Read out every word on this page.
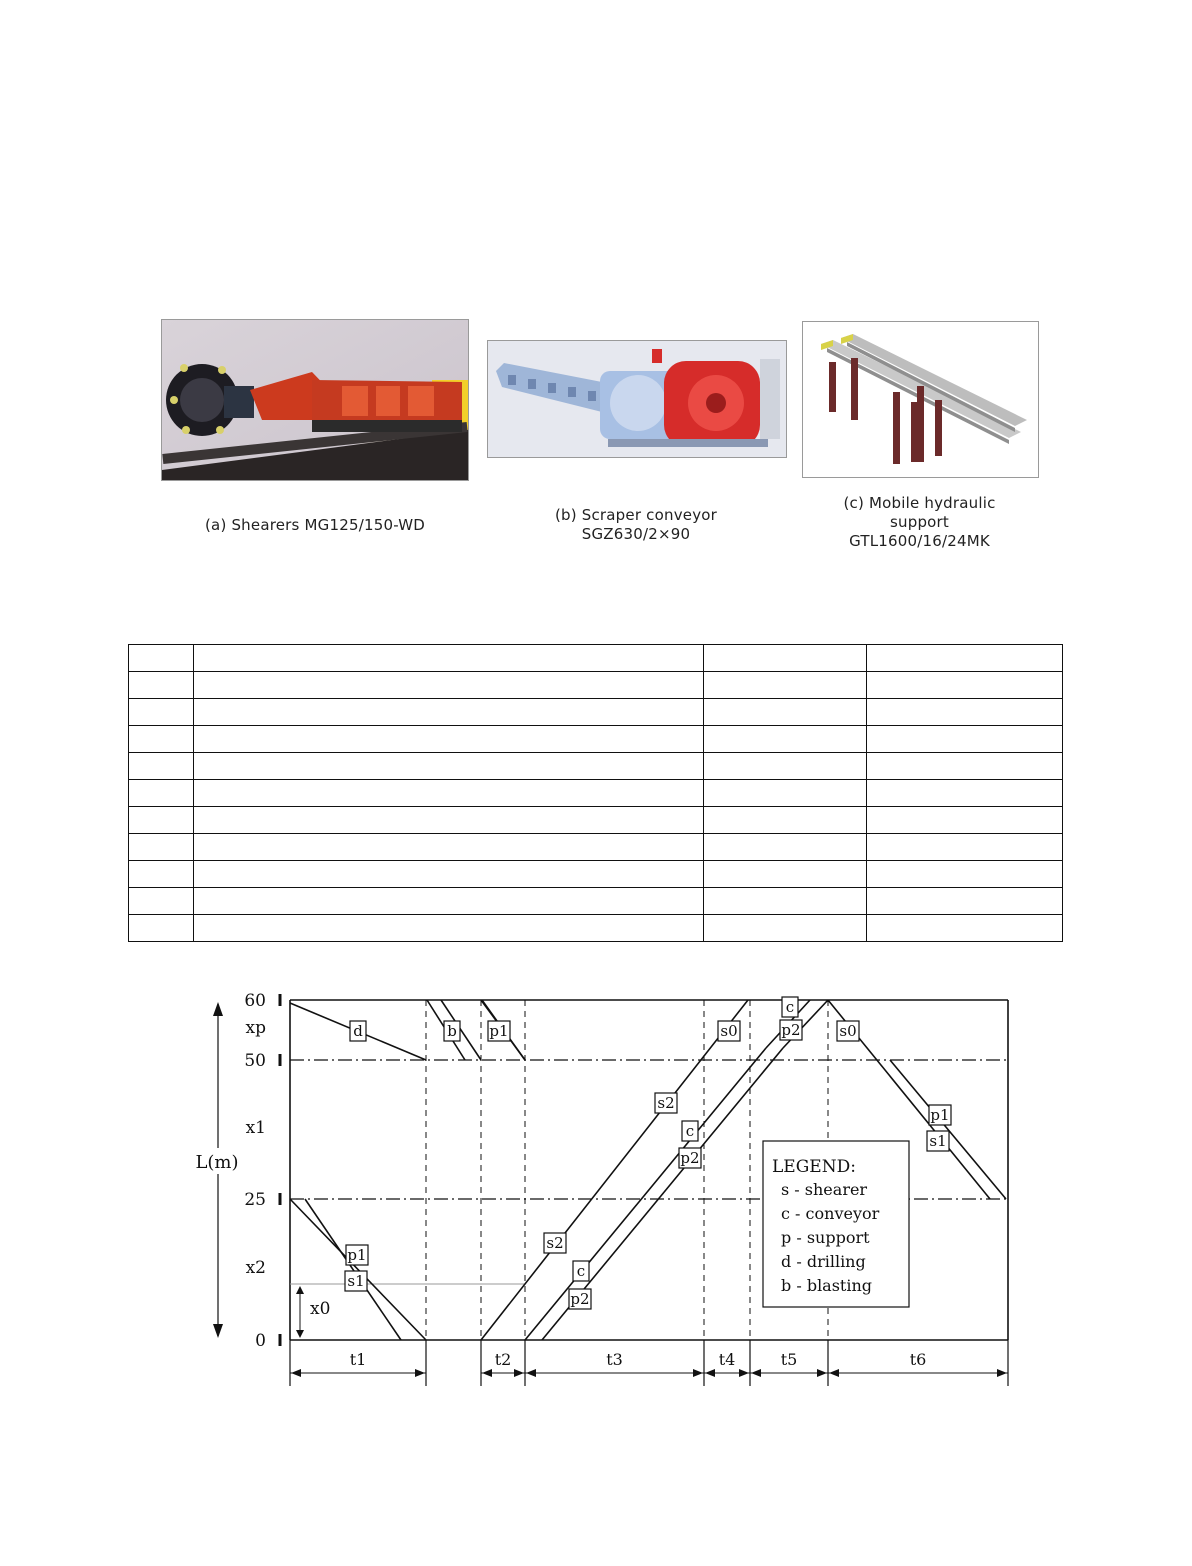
(a) Shearers MG125/150-WD
(b) Scraper conveyor
SGZ630/2×90
(c) Mobile hydraulic
support
GTL1600/16/24MK

d	b p1	s0
c
p2	s0
s2
c
p2
p1
s1
p1
s1
s2
c
p2
60
50
25
0
xp
x1
x2
x0
L(m)
t1	t2	t3	t4	t5	t6
LEGEND:
s - shearer
c - conveyor
p - support
d - drilling
b - blasting
